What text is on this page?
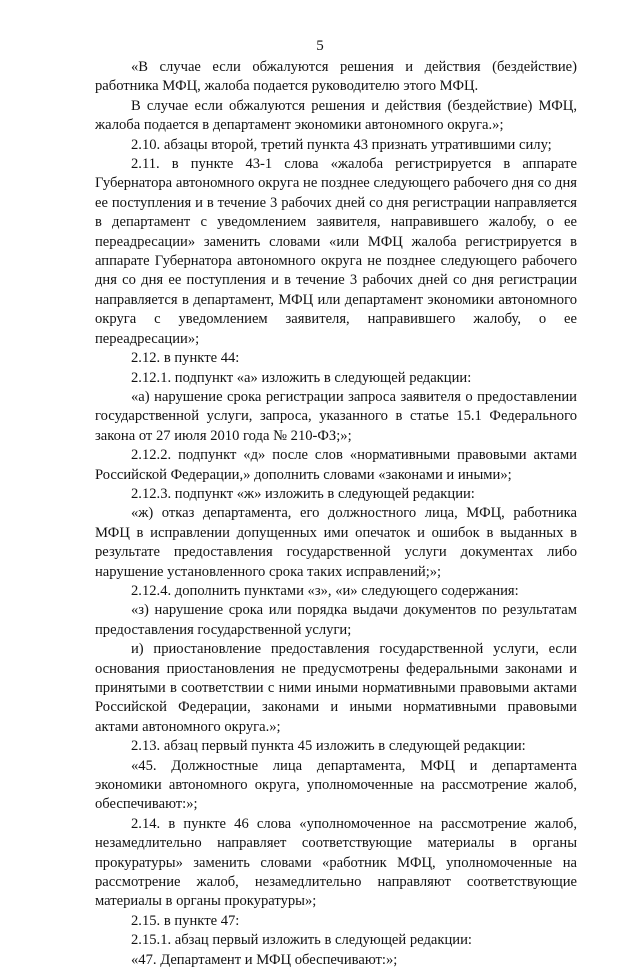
5

«В случае если обжалуются решения и действия (бездействие) работника МФЦ, жалоба подается руководителю этого МФЦ.

В случае если обжалуются решения и действия (бездействие) МФЦ, жалоба подается в департамент экономики автономного округа.»;

2.10. абзацы второй, третий пункта 43 признать утратившими силу;

2.11. в пункте 43-1 слова «жалоба регистрируется в аппарате Губернатора автономного округа не позднее следующего рабочего дня со дня ее поступления и в течение 3 рабочих дней со дня регистрации направляется в департамент с уведомлением заявителя, направившего жалобу, о ее переадресации» заменить словами «или МФЦ жалоба регистрируется в аппарате Губернатора автономного округа не позднее следующего рабочего дня со дня ее поступления и в течение 3 рабочих дней со дня регистрации направляется в департамент, МФЦ или департамент экономики автономного округа с уведомлением заявителя, направившего жалобу, о ее переадресации»;

2.12. в пункте 44:

2.12.1. подпункт «а» изложить в следующей редакции:

«а) нарушение срока регистрации запроса заявителя о предоставлении государственной услуги, запроса, указанного в статье 15.1 Федерального закона от 27 июля 2010 года № 210-ФЗ;»;

2.12.2. подпункт «д» после слов «нормативными правовыми актами Российской Федерации,» дополнить словами «законами и иными»;

2.12.3. подпункт «ж» изложить в следующей редакции:

«ж) отказ департамента, его должностного лица, МФЦ, работника МФЦ в исправлении допущенных ими опечаток и ошибок в выданных в результате предоставления государственной услуги документах либо нарушение установленного срока таких исправлений;»;

2.12.4. дополнить пунктами «з», «и» следующего содержания:

«з) нарушение срока или порядка выдачи документов по результатам предоставления государственной услуги;

и) приостановление предоставления государственной услуги, если основания приостановления не предусмотрены федеральными законами и принятыми в соответствии с ними иными нормативными правовыми актами Российской Федерации, законами и иными нормативными правовыми актами автономного округа.»;

2.13. абзац первый пункта 45 изложить в следующей редакции:

«45. Должностные лица департамента, МФЦ и департамента экономики автономного округа, уполномоченные на рассмотрение жалоб, обеспечивают:»;

2.14. в пункте 46 слова «уполномоченное на рассмотрение жалоб, незамедлительно направляет соответствующие материалы в органы прокуратуры» заменить словами «работник МФЦ, уполномоченные на рассмотрение жалоб, незамедлительно направляют соответствующие материалы в органы прокуратуры»;

2.15. в пункте 47:

2.15.1. абзац первый изложить в следующей редакции:

«47. Департамент и МФЦ обеспечивают:»;
